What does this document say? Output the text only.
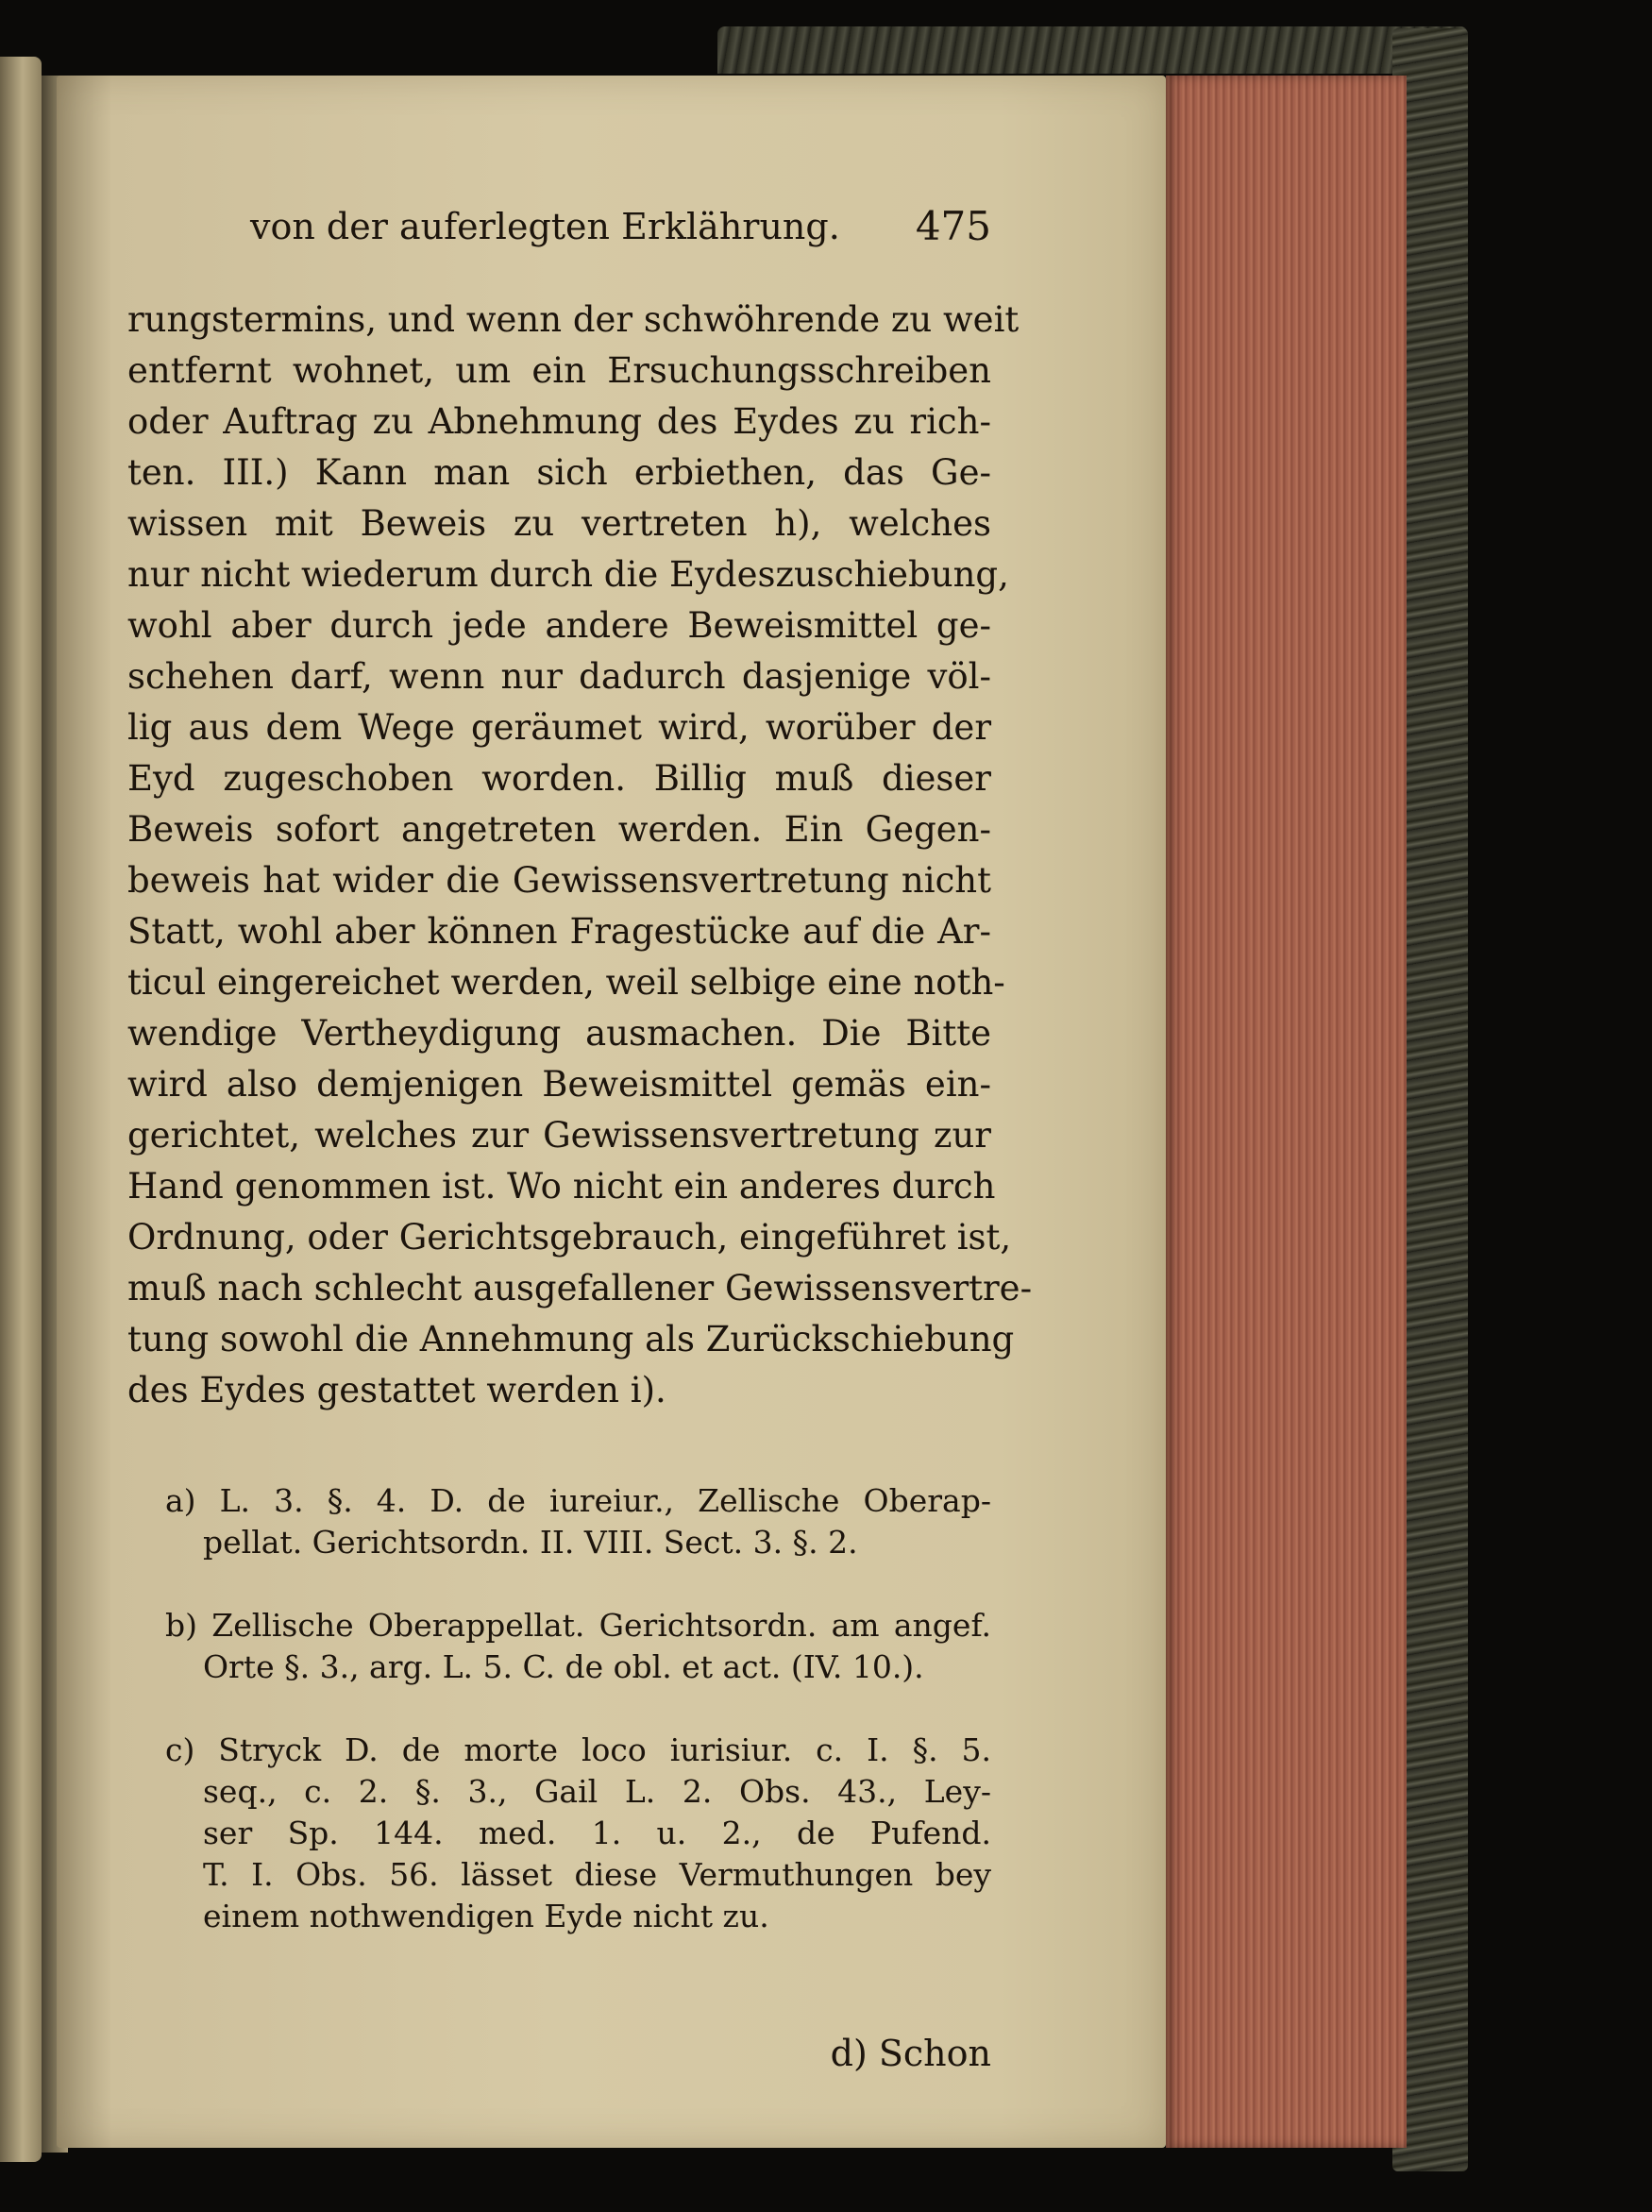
von der auferlegten Erklährung. 475
rungstermins, und wenn der schwöhrende zu weit
entfernt wohnet, um ein Ersuchungsschreiben
oder Auftrag zu Abnehmung des Eydes zu rich-
ten. III.) Kann man sich erbiethen, das Ge-
wissen mit Beweis zu vertreten h), welches
nur nicht wiederum durch die Eydeszuschiebung,
wohl aber durch jede andere Beweismittel ge-
schehen darf, wenn nur dadurch dasjenige völ-
lig aus dem Wege geräumet wird, worüber der
Eyd zugeschoben worden. Billig muß dieser
Beweis sofort angetreten werden. Ein Gegen-
beweis hat wider die Gewissensvertretung nicht
Statt, wohl aber können Fragestücke auf die Ar-
ticul eingereichet werden, weil selbige eine noth-
wendige Vertheydigung ausmachen. Die Bitte
wird also demjenigen Beweismittel gemäs ein-
gerichtet, welches zur Gewissensvertretung zur
Hand genommen ist. Wo nicht ein anderes durch
Ordnung, oder Gerichtsgebrauch, eingeführet ist,
muß nach schlecht ausgefallener Gewissensvertre-
tung sowohl die Annehmung als Zurückschiebung
des Eydes gestattet werden i).
a) L. 3. §. 4. D. de iureiur., Zellische Oberap-
pellat. Gerichtsordn. II. VIII. Sect. 3. §. 2.
b) Zellische Oberappellat. Gerichtsordn. am angef.
Orte §. 3., arg. L. 5. C. de obl. et act. (IV. 10.).
c) Stryck D. de morte loco iurisiur. c. I. §. 5.
seq., c. 2. §. 3., Gail L. 2. Obs. 43., Ley-
ser Sp. 144. med. 1. u. 2., de Pufend.
T. I. Obs. 56. lässet diese Vermuthungen bey
einem nothwendigen Eyde nicht zu.
d) Schon
